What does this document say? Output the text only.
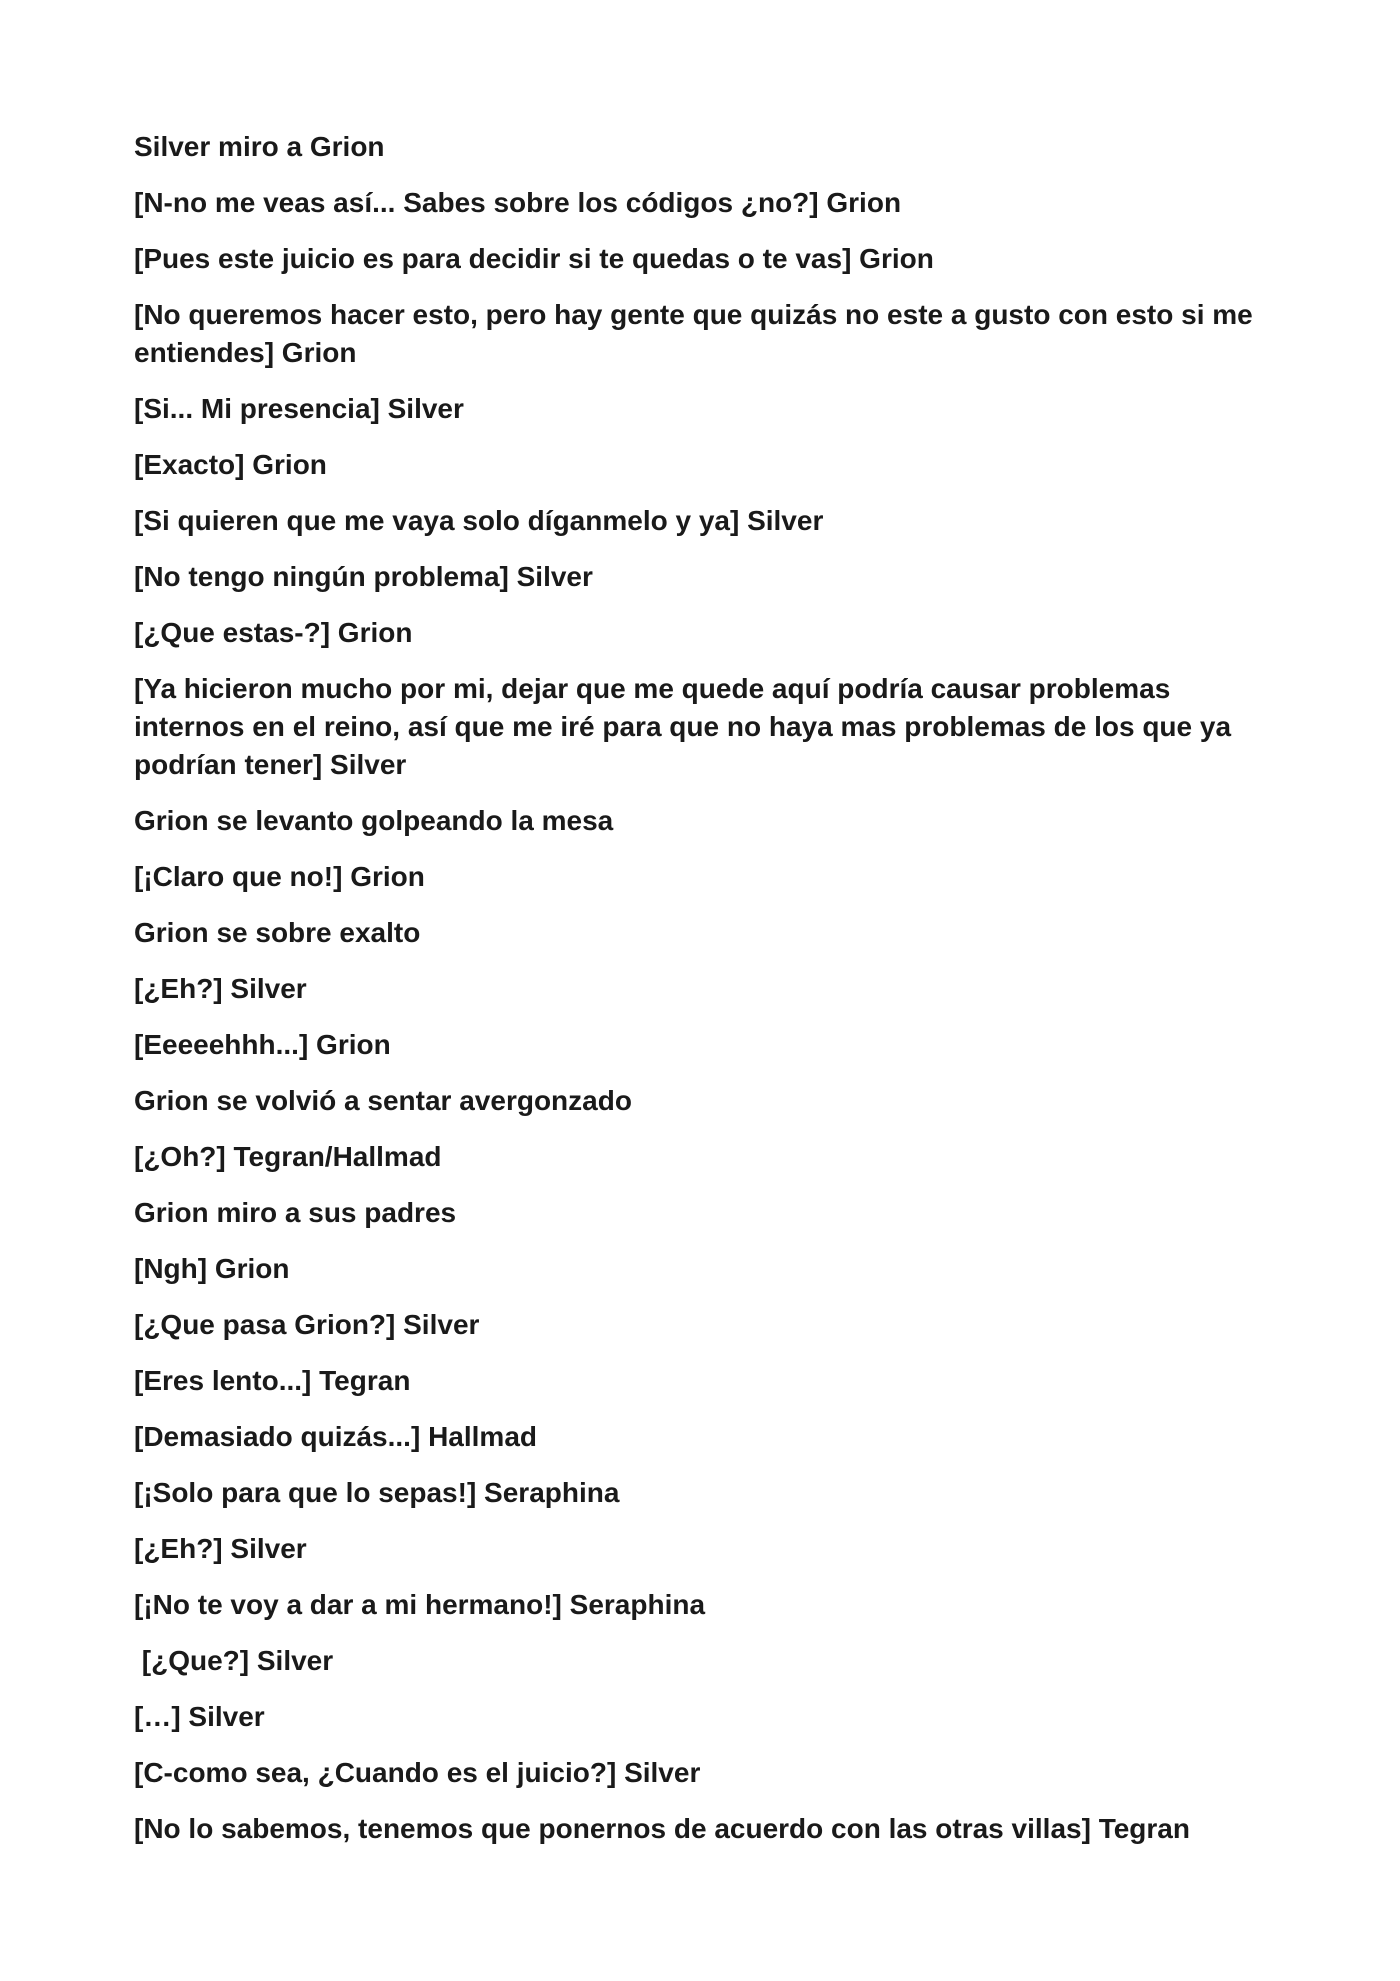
Silver miro a Grion

[N-no me veas así... Sabes sobre los códigos ¿no?] Grion

[Pues este juicio es para decidir si te quedas o te vas] Grion

[No queremos hacer esto, pero hay gente que quizás no este a gusto con esto si me entiendes] Grion

[Si... Mi presencia] Silver

[Exacto] Grion

[Si quieren que me vaya solo díganmelo y ya] Silver

[No tengo ningún problema] Silver

[¿Que estas-?] Grion

[Ya hicieron mucho por mi, dejar que me quede aquí podría causar problemas internos en el reino, así que me iré para que no haya mas problemas de los que ya podrían tener] Silver

Grion se levanto golpeando la mesa

[¡Claro que no!] Grion

Grion se sobre exalto

[¿Eh?] Silver

[Eeeeehhh...] Grion

Grion se volvió a sentar avergonzado

[¿Oh?] Tegran/Hallmad

Grion miro a sus padres

[Ngh] Grion

[¿Que pasa Grion?] Silver

[Eres lento...] Tegran

[Demasiado quizás...] Hallmad

[¡Solo para que lo sepas!] Seraphina

[¿Eh?] Silver

[¡No te voy a dar a mi hermano!] Seraphina

[¿Que?] Silver

[…] Silver

[C-como sea, ¿Cuando es el juicio?] Silver

[No lo sabemos, tenemos que ponernos de acuerdo con las otras villas] Tegran
